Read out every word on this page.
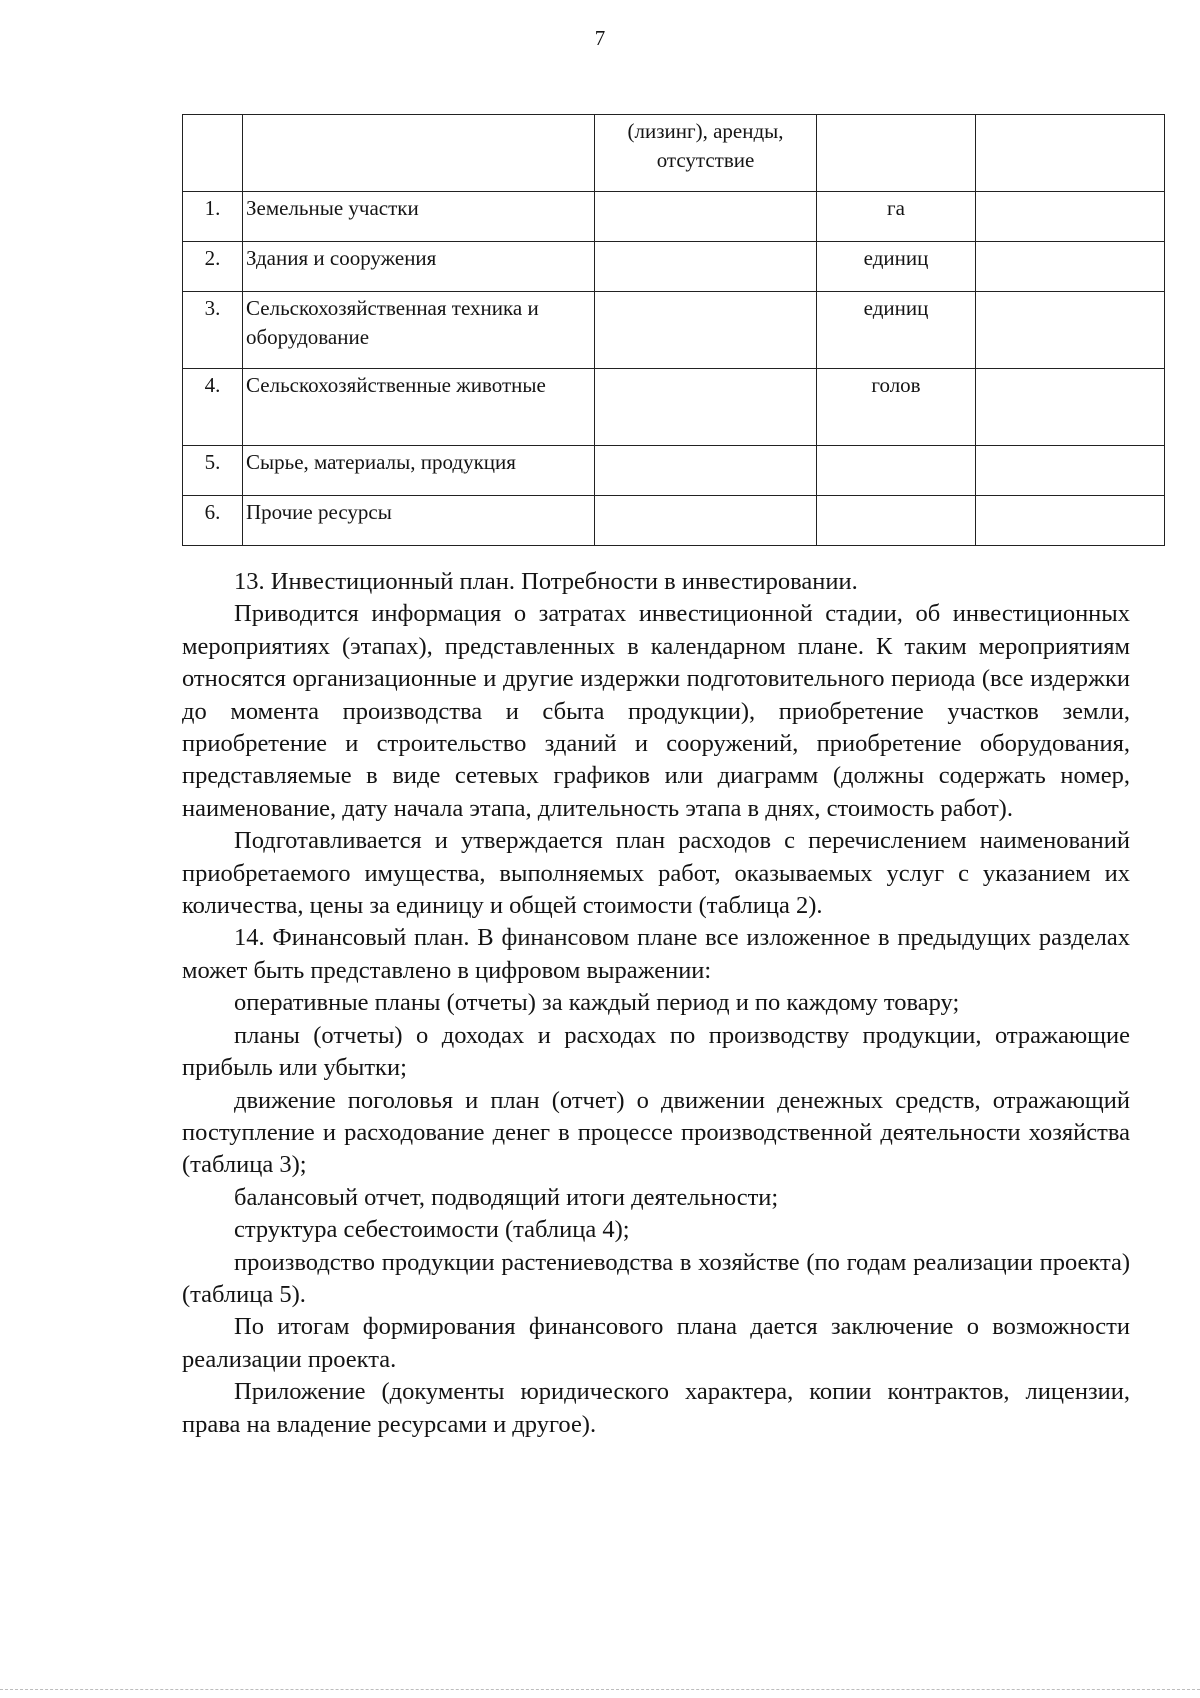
7
		(лизинг), аренды, отсутствие		
1.	Земельные участки		га	
2.	Здания и сооружения		единиц	
3.	Сельскохозяйственная техника и оборудование		единиц	
4.	Сельскохозяйственные животные		голов	
5.	Сырье, материалы, продукция			
6.	Прочие ресурсы			

13. Инвестиционный план. Потребности в инвестировании.

Приводится информация о затратах инвестиционной стадии, об инвестиционных мероприятиях (этапах), представленных в календарном плане. К таким мероприятиям относятся организационные и другие издержки подготовительного периода (все издержки до момента производства и сбыта продукции), приобретение участков земли, приобретение и строительство зданий и сооружений, приобретение оборудования, представляемые в виде сетевых графиков или диаграмм (должны содержать номер, наименование, дату начала этапа, длительность этапа в днях, стоимость работ).

Подготавливается и утверждается план расходов с перечислением наименований приобретаемого имущества, выполняемых работ, оказываемых услуг с указанием их количества, цены за единицу и общей стоимости (таблица 2).

14. Финансовый план. В финансовом плане все изложенное в предыдущих разделах может быть представлено в цифровом выражении:

оперативные планы (отчеты) за каждый период и по каждому товару;

планы (отчеты) о доходах и расходах по производству продукции, отражающие прибыль или убытки;

движение поголовья и план (отчет) о движении денежных средств, отражающий поступление и расходование денег в процессе производственной деятельности хозяйства (таблица 3);

балансовый отчет, подводящий итоги деятельности;

структура себестоимости (таблица 4);

производство продукции растениеводства в хозяйстве (по годам реализации проекта) (таблица 5).

По итогам формирования финансового плана дается заключение о возможности реализации проекта.

Приложение (документы юридического характера, копии контрактов, лицензии, права на владение ресурсами и другое).
